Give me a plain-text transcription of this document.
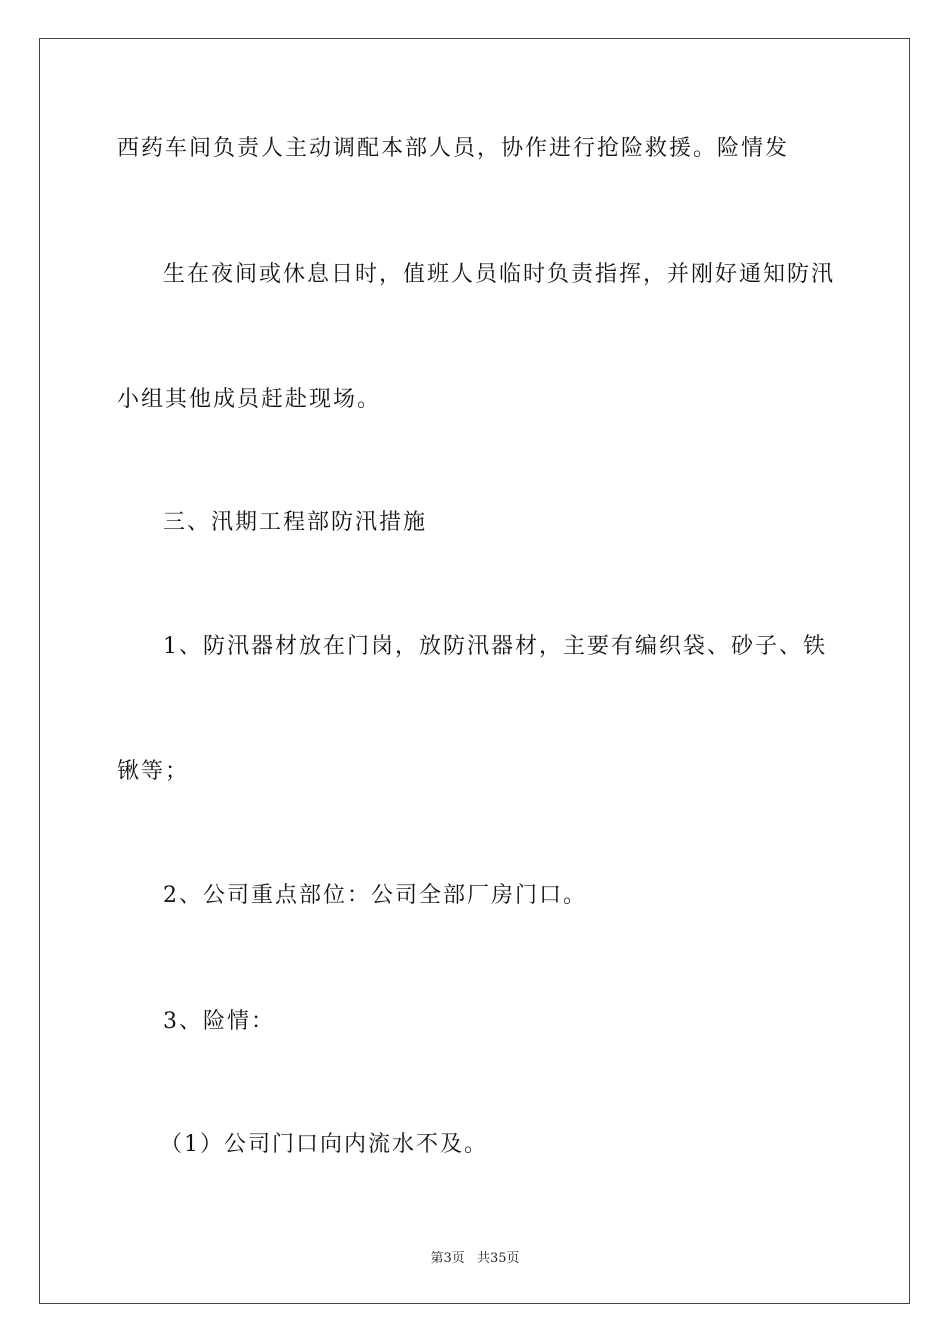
西药车间负责人主动调配本部人员，协作进行抢险救援。险情发
生在夜间或休息日时，值班人员临时负责指挥，并刚好通知防汛
小组其他成员赶赴现场。
三、汛期工程部防汛措施
1、防汛器材放在门岗，放防汛器材，主要有编织袋、砂子、铁
锹等；
2、公司重点部位：公司全部厂房门口。
3、险情：
（1）公司门口向内流水不及。
第3页 共35页
